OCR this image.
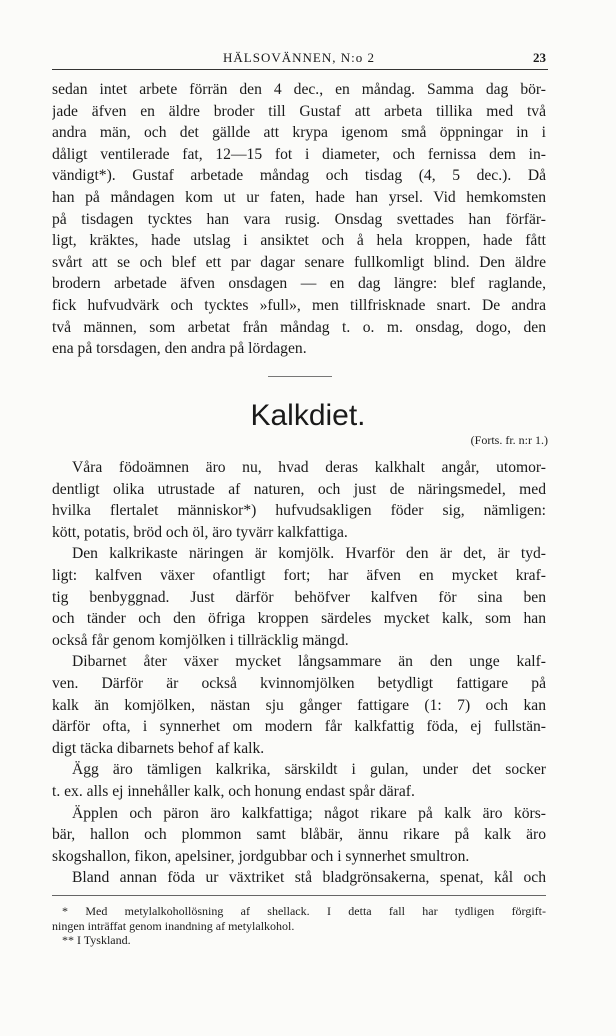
HÄLSOVÄNNEN, N:o 2	23
sedan intet arbete förrän den 4 dec., en måndag. Samma dag bör-
jade äfven en äldre broder till Gustaf att arbeta tillika med två
andra män, och det gällde att krypa igenom små öppningar in i
dåligt ventilerade fat, 12—15 fot i diameter, och fernissa dem in-
vändigt*). Gustaf arbetade måndag och tisdag (4, 5 dec.). Då
han på måndagen kom ut ur faten, hade han yrsel. Vid hemkomsten
på tisdagen tycktes han vara rusig. Onsdag svettades han förfär-
ligt, kräktes, hade utslag i ansiktet och å hela kroppen, hade fått
svårt att se och blef ett par dagar senare fullkomligt blind. Den äldre
brodern arbetade äfven onsdagen — en dag längre: blef raglande,
fick hufvudvärk och tycktes »full», men tillfrisknade snart. De andra
två männen, som arbetat från måndag t. o. m. onsdag, dogo, den
ena på torsdagen, den andra på lördagen.
Kalkdiet.
(Forts. fr. n:r 1.)
Våra födoämnen äro nu, hvad deras kalkhalt angår, utomor-
dentligt olika utrustade af naturen, och just de näringsmedel, med
hvilka flertalet människor*) hufvudsakligen föder sig, nämligen:
kött, potatis, bröd och öl, äro tyvärr kalkfattiga.
Den kalkrikaste näringen är komjölk. Hvarför den är det, är tyd-
ligt: kalfven växer ofantligt fort; har äfven en mycket kraf-
tig benbyggnad. Just därför behöfver kalfven för sina ben
och tänder och den öfriga kroppen särdeles mycket kalk, som han
också får genom komjölken i tillräcklig mängd.
Dibarnet åter växer mycket långsammare än den unge kalf-
ven. Därför är också kvinnomjölken betydligt fattigare på
kalk än komjölken, nästan sju gånger fattigare (1: 7) och kan
därför ofta, i synnerhet om modern får kalkfattig föda, ej fullstän-
digt täcka dibarnets behof af kalk.
Ägg äro tämligen kalkrika, särskildt i gulan, under det socker
t. ex. alls ej innehåller kalk, och honung endast spår däraf.
Äpplen och päron äro kalkfattiga; något rikare på kalk äro körs-
bär, hallon och plommon samt blåbär, ännu rikare på kalk äro
skogshallon, fikon, apelsiner, jordgubbar och i synnerhet smultron.
Bland annan föda ur växtriket stå bladgrönsakerna, spenat, kål och
* Med metylalkohollösning af shellack. I detta fall har tydligen förgift-
ningen inträffat genom inandning af metylalkohol.
** I Tyskland.
